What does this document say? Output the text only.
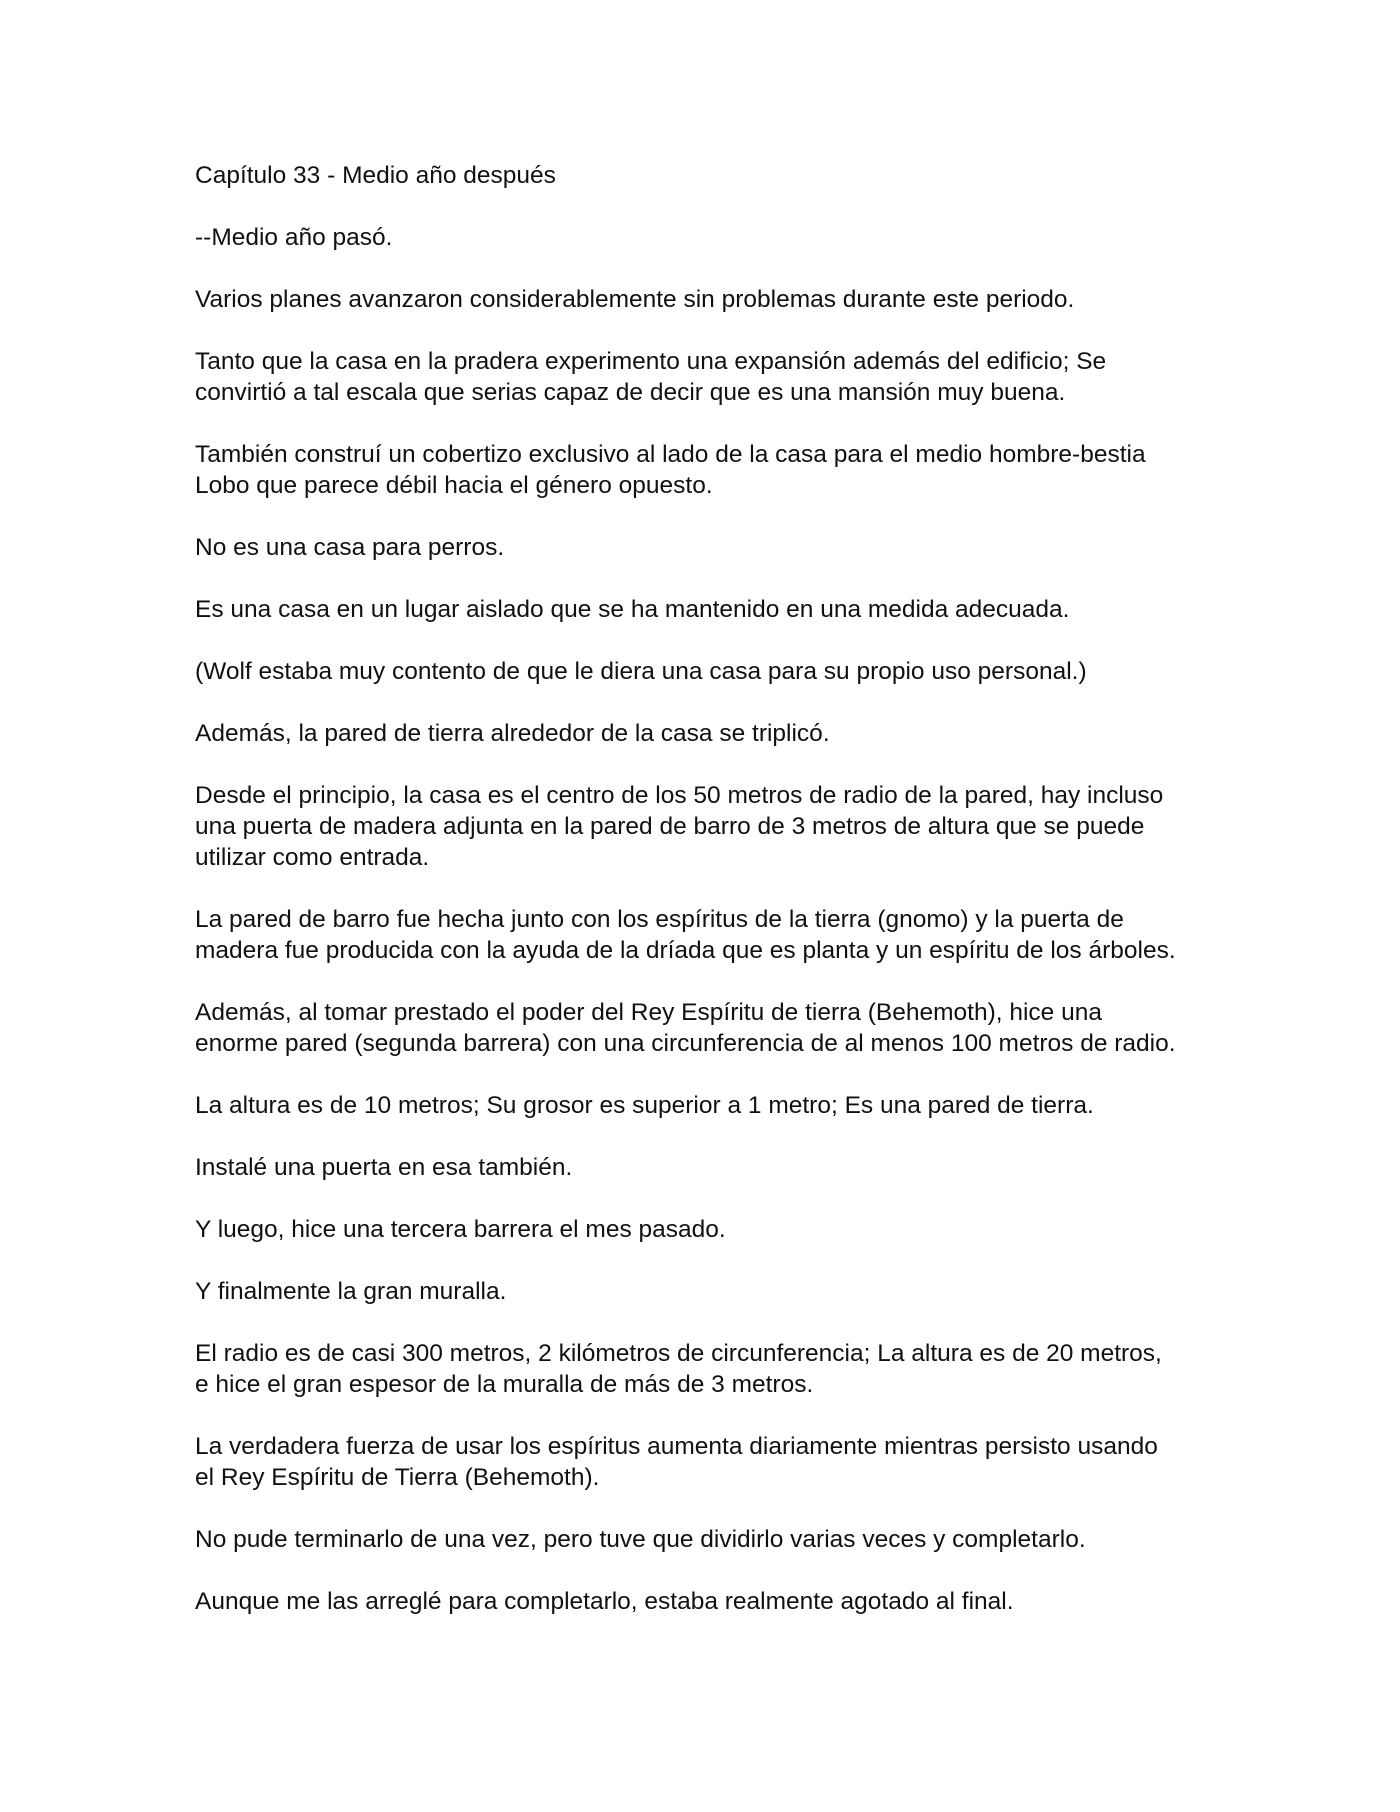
Capítulo 33 - Medio año después

--Medio año pasó.

Varios planes avanzaron considerablemente sin problemas durante este periodo.

Tanto que la casa en la pradera experimento una expansión además del edificio; Se
convirtió a tal escala que serias capaz de decir que es una mansión muy buena.

También construí un cobertizo exclusivo al lado de la casa para el medio hombre-bestia
Lobo que parece débil hacia el género opuesto.

No es una casa para perros.

Es una casa en un lugar aislado que se ha mantenido en una medida adecuada.

(Wolf estaba muy contento de que le diera una casa para su propio uso personal.)

Además, la pared de tierra alrededor de la casa se triplicó.

Desde el principio, la casa es el centro de los 50 metros de radio de la pared, hay incluso
una puerta de madera adjunta en la pared de barro de 3 metros de altura que se puede
utilizar como entrada.

La pared de barro fue hecha junto con los espíritus de la tierra (gnomo) y la puerta de
madera fue producida con la ayuda de la dríada que es planta y un espíritu de los árboles.

Además, al tomar prestado el poder del Rey Espíritu de tierra (Behemoth), hice una
enorme pared (segunda barrera) con una circunferencia de al menos 100 metros de radio.

La altura es de 10 metros; Su grosor es superior a 1 metro; Es una pared de tierra.

Instalé una puerta en esa también.

Y luego, hice una tercera barrera el mes pasado.

Y finalmente la gran muralla.

El radio es de casi 300 metros, 2 kilómetros de circunferencia; La altura es de 20 metros,
e hice el gran espesor de la muralla de más de 3 metros.

La verdadera fuerza de usar los espíritus aumenta diariamente mientras persisto usando
el Rey Espíritu de Tierra (Behemoth).

No pude terminarlo de una vez, pero tuve que dividirlo varias veces y completarlo.

Aunque me las arreglé para completarlo, estaba realmente agotado al final.
